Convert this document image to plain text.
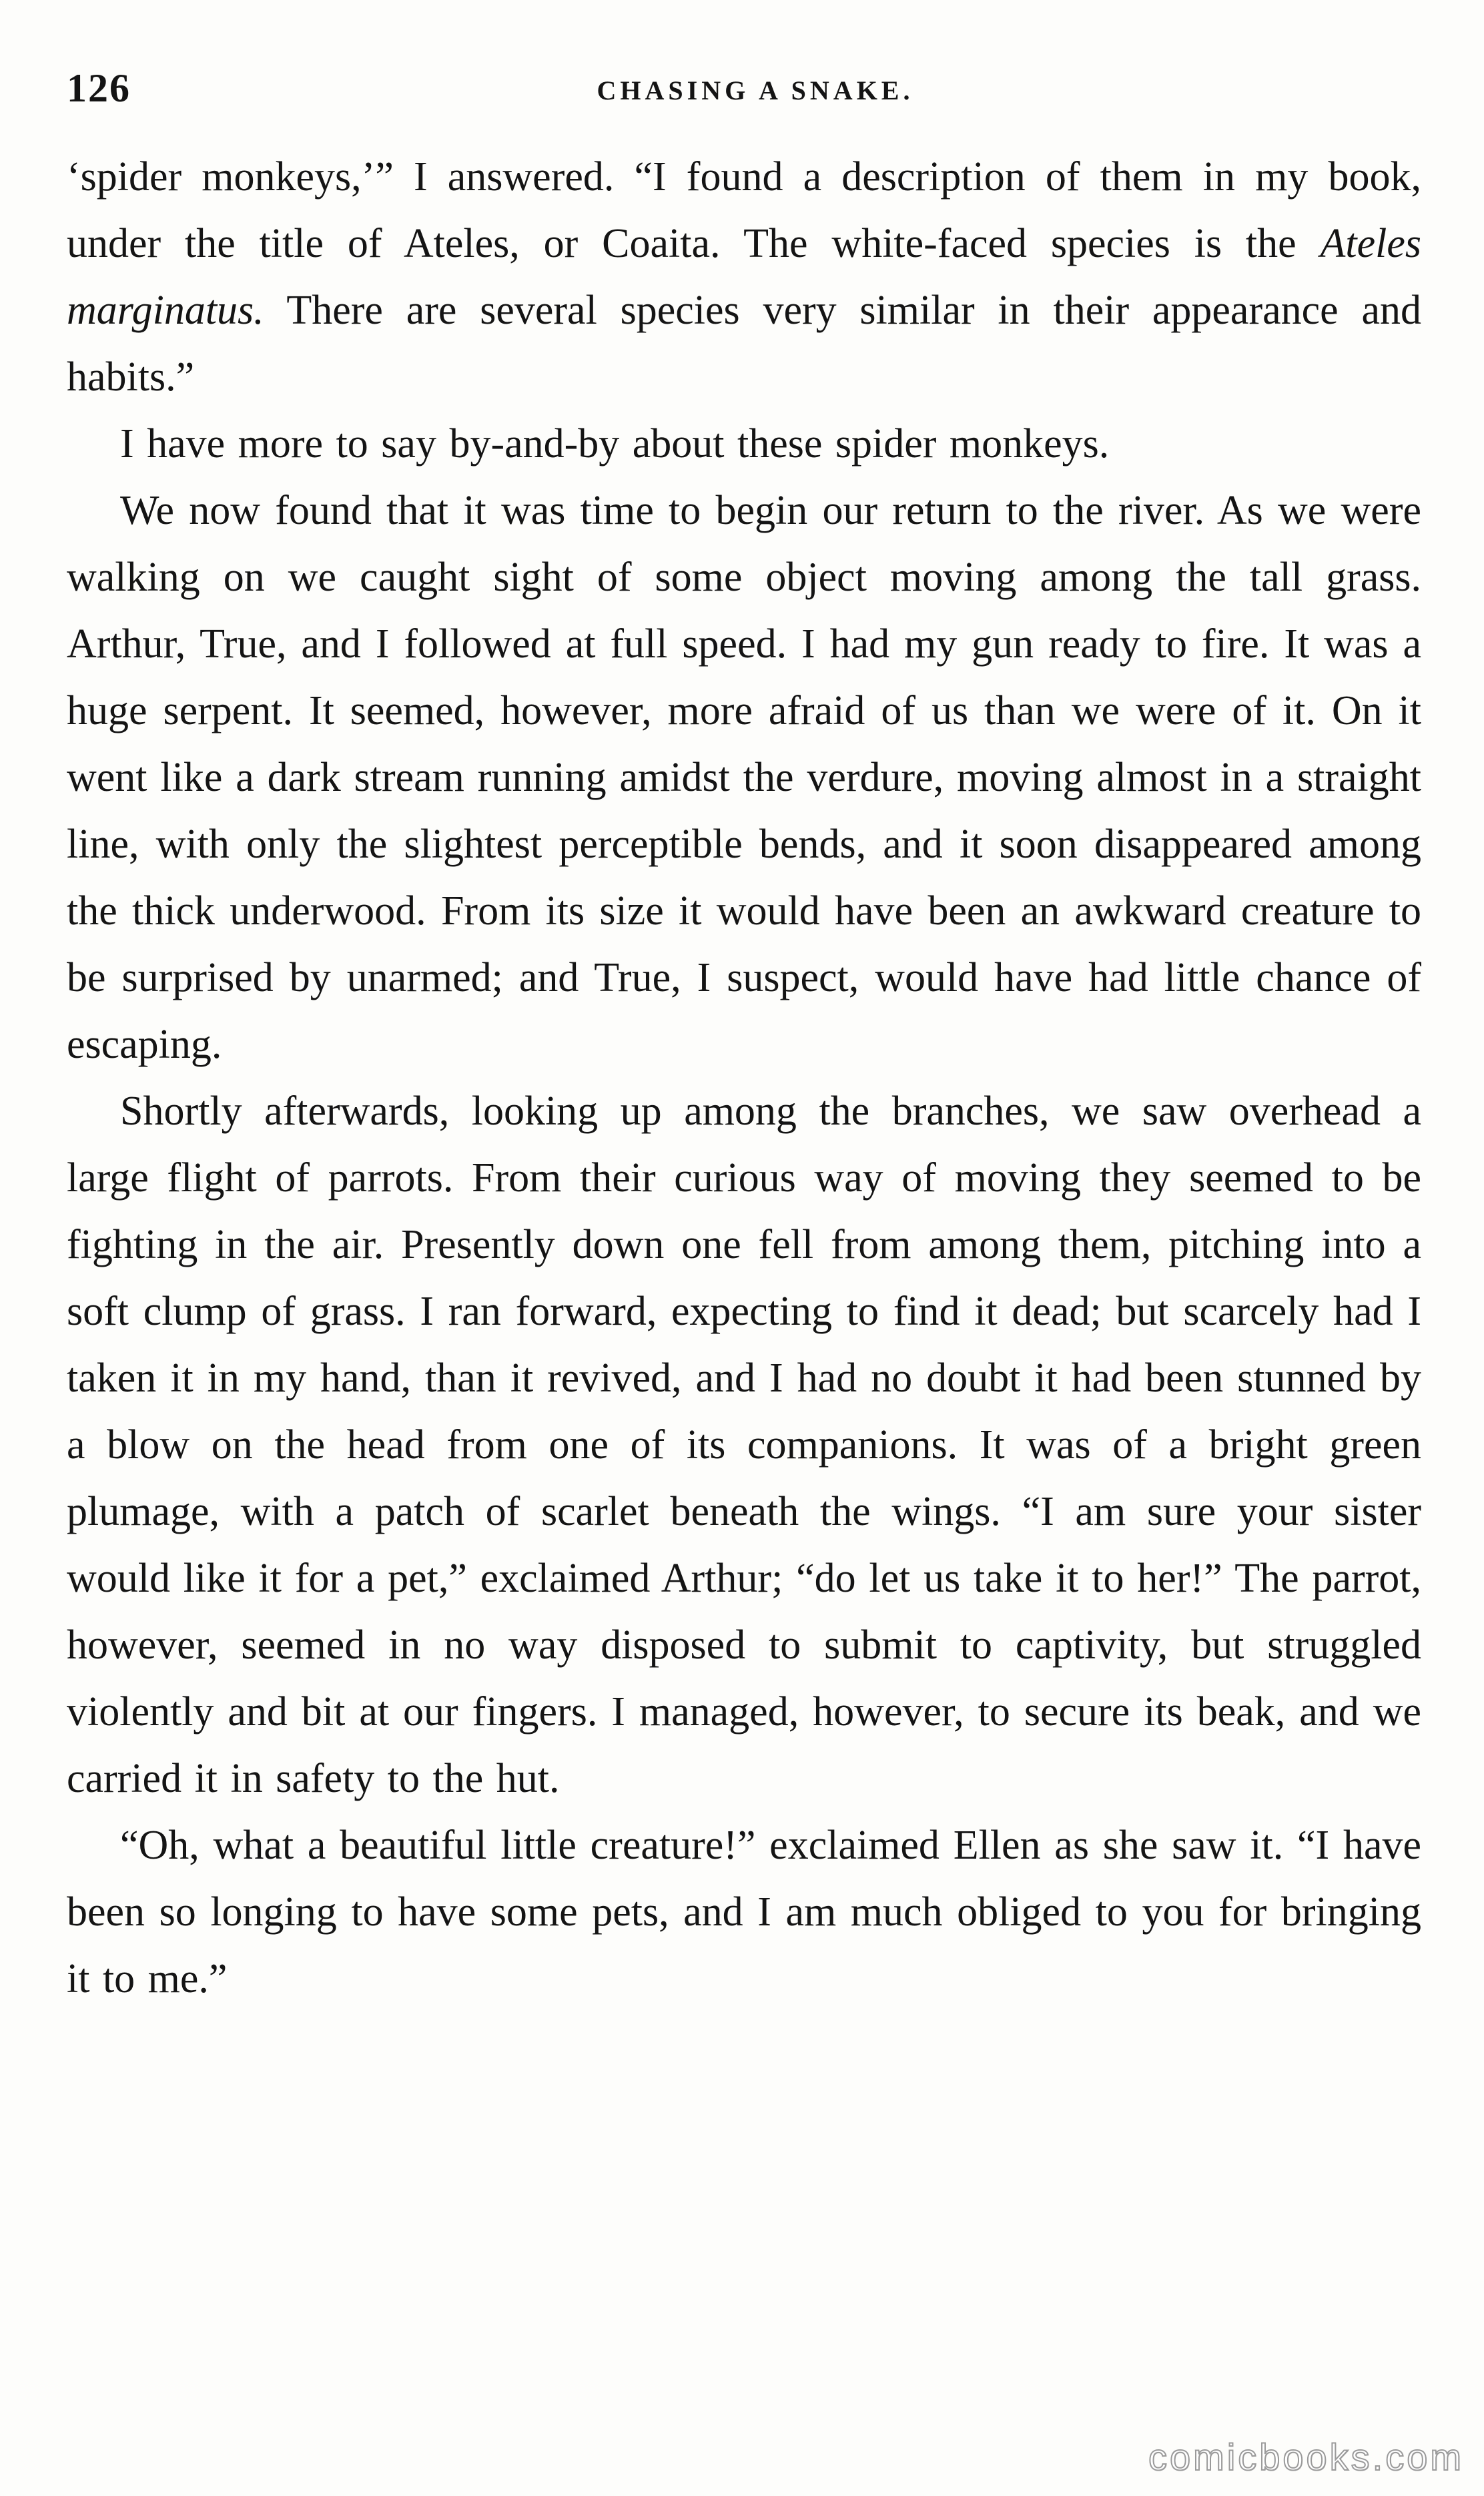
126	CHASING A SNAKE.

‘spider monkeys,’” I answered. “I found a description of them in my book, under the title of Ateles, or Coaita. The white-faced species is the Ateles marginatus. There are several species very similar in their appearance and habits.”

I have more to say by-and-by about these spider monkeys.

We now found that it was time to begin our return to the river. As we were walking on we caught sight of some object moving among the tall grass. Arthur, True, and I followed at full speed. I had my gun ready to fire. It was a huge serpent. It seemed, however, more afraid of us than we were of it. On it went like a dark stream running amidst the verdure, moving almost in a straight line, with only the slightest perceptible bends, and it soon disappeared among the thick underwood. From its size it would have been an awkward creature to be surprised by unarmed; and True, I suspect, would have had little chance of escaping.

Shortly afterwards, looking up among the branches, we saw overhead a large flight of parrots. From their curious way of moving they seemed to be fighting in the air. Presently down one fell from among them, pitching into a soft clump of grass. I ran forward, expecting to find it dead; but scarcely had I taken it in my hand, than it revived, and I had no doubt it had been stunned by a blow on the head from one of its companions. It was of a bright green plumage, with a patch of scarlet beneath the wings. “I am sure your sister would like it for a pet,” exclaimed Arthur; “do let us take it to her!” The parrot, however, seemed in no way disposed to submit to captivity, but struggled violently and bit at our fingers. I managed, however, to secure its beak, and we carried it in safety to the hut.

“Oh, what a beautiful little creature!” exclaimed Ellen as she saw it. “I have been so longing to have some pets, and I am much obliged to you for bringing it to me.”

comicbooks.com
